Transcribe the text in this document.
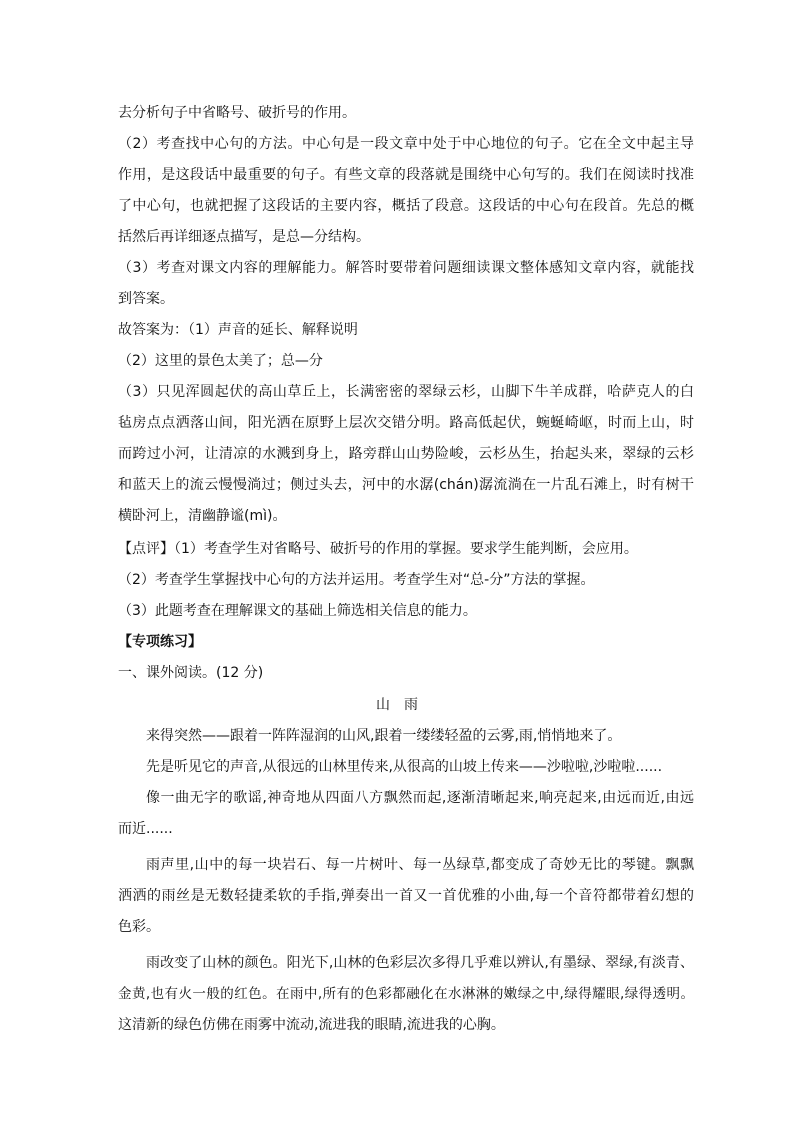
去分析句子中省略号、破折号的作用。
（2）考查找中心句的方法。中心句是一段文章中处于中心地位的句子。它在全文中起主导
作用，是这段话中最重要的句子。有些文章的段落就是围绕中心句写的。我们在阅读时找准
了中心句，也就把握了这段话的主要内容，概括了段意。这段话的中心句在段首。先总的概
括然后再详细逐点描写，是总—分结构。
（3）考查对课文内容的理解能力。解答时要带着问题细读课文整体感知文章内容，就能找
到答案。
故答案为：（1）声音的延长、解释说明
（2）这里的景色太美了；总—分
（3）只见浑圆起伏的高山草丘上，长满密密的翠绿云杉，山脚下牛羊成群，哈萨克人的白
毡房点点洒落山间，阳光洒在原野上层次交错分明。路高低起伏，蜿蜒崎岖，时而上山，时
而跨过小河，让清凉的水溅到身上，路旁群山山势险峻，云杉丛生，抬起头来，翠绿的云杉
和蓝天上的流云慢慢淌过；侧过头去，河中的水潺(chán)潺流淌在一片乱石滩上，时有树干
横卧河上，清幽静谧(mì)。
【点评】（1）考查学生对省略号、破折号的作用的掌握。要求学生能判断，会应用。
（2）考查学生掌握找中心句的方法并运用。考查学生对“总-分”方法的掌握。
（3）此题考查在理解课文的基础上筛选相关信息的能力。
【专项练习】
一、课外阅读。(12 分)
山　雨
来得突然——跟着一阵阵湿润的山风,跟着一缕缕轻盈的云雾,雨,悄悄地来了。
先是听见它的声音,从很远的山林里传来,从很高的山坡上传来——沙啦啦,沙啦啦......
像一曲无字的歌谣,神奇地从四面八方飘然而起,逐渐清晰起来,响亮起来,由远而近,由远
而近......
雨声里,山中的每一块岩石、每一片树叶、每一丛绿草,都变成了奇妙无比的琴键。飘飘
洒洒的雨丝是无数轻捷柔软的手指,弹奏出一首又一首优雅的小曲,每一个音符都带着幻想的
色彩。
雨改变了山林的颜色。阳光下,山林的色彩层次多得几乎难以辨认,有墨绿、翠绿,有淡青、
金黄,也有火一般的红色。在雨中,所有的色彩都融化在水淋淋的嫩绿之中,绿得耀眼,绿得透明。
这清新的绿色仿佛在雨雾中流动,流进我的眼睛,流进我的心胸。
